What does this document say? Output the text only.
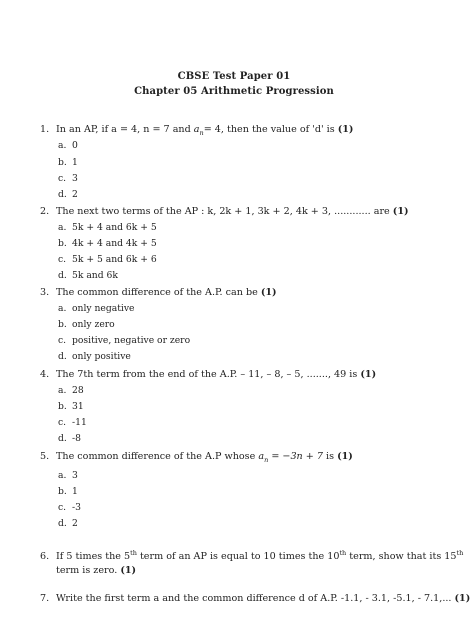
CBSE Test Paper 01
Chapter 05 Arithmetic Progression
1. In an AP, if a = 4, n = 7 and $a_n= 4$, then the value of 'd' is (1)
a. 0
b. 1
c. 3
d. 2
2. The next two terms of the AP : k, 2k + 1, 3k + 2, 4k + 3, ............ are (1)
a. 5k + 4 and 6k + 5
b. 4k + 4 and 4k + 5
c. 5k + 5 and 6k + 6
d. 5k and 6k
3. The common difference of the A.P. can be (1)
a. only negative
b. only zero
c. positive, negative or zero
d. only positive
4. The 7th term from the end of the A.P. – 11, – 8, – 5, ......., 49 is (1)
a. 28
b. 31
c. -11
d. -8
5. The common difference of the A.P whose $a_n = -3n + 7$ is (1)
a. 3
b. 1
c. -3
d. 2
6. If 5 times the 5th term of an AP is equal to 10 times the 10th term, show that its 15th
term is zero. (1)
7. Write the first term a and the common difference d of A.P. -1.1, - 3.1, -5.1, - 7.1,... (1)
